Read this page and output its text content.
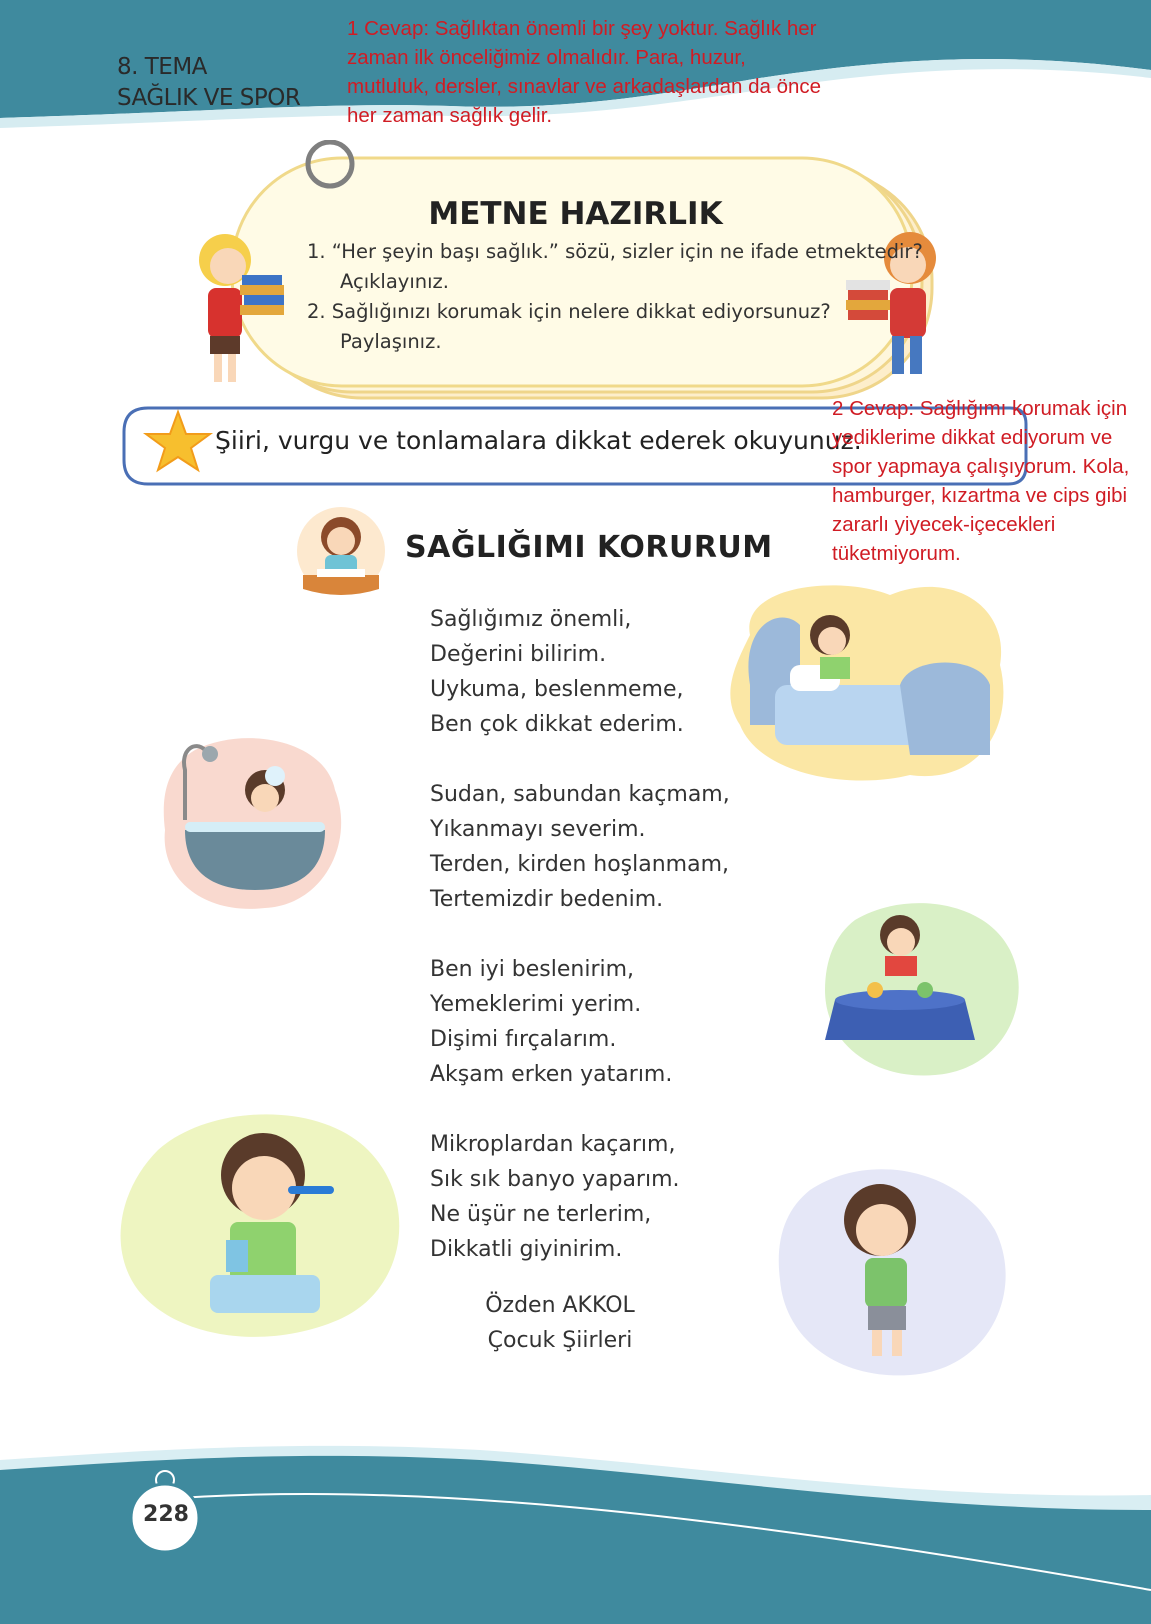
8. TEMA
SAĞLIK VE SPOR
1 Cevap: Sağlıktan önemli bir şey yoktur. Sağlık her
zaman ilk önceliğimiz olmalıdır. Para, huzur,
mutluluk, dersler, sınavlar ve arkadaşlardan da önce
her zaman sağlık gelir.
METNE HAZIRLIK
1. “Her şeyin başı sağlık.” sözü, sizler için ne ifade etmektedir?
Açıklayınız.
2. Sağlığınızı korumak için nelere dikkat ediyorsunuz?
Paylaşınız.
Şiiri, vurgu ve tonlamalara dikkat ederek okuyunuz.
2 Cevap: Sağlığımı korumak için
yediklerime dikkat ediyorum ve
spor yapmaya çalışıyorum. Kola,
hamburger, kızartma ve cips gibi
zararlı yiyecek-içecekleri
tüketmiyorum.
SAĞLIĞIMI KORURUM
Sağlığımız önemli,
Değerini bilirim.
Uykuma, beslenmeme,
Ben çok dikkat ederim.
Sudan, sabundan kaçmam,
Yıkanmayı severim.
Terden, kirden hoşlanmam,
Tertemizdir bedenim.
Ben iyi beslenirim,
Yemeklerimi yerim.
Dişimi fırçalarım.
Akşam erken yatarım.
Mikroplardan kaçarım,
Sık sık banyo yaparım.
Ne üşür ne terlerim,
Dikkatli giyinirim.
Özden AKKOL
Çocuk Şiirleri
228
